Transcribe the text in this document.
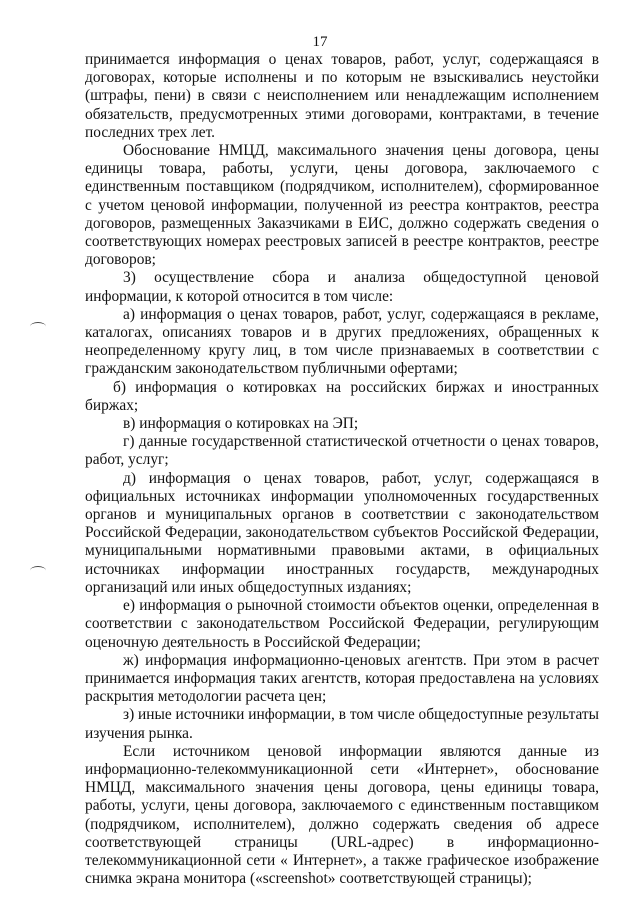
17

принимается информация о ценах товаров, работ, услуг, содержащаяся в договорах, которые исполнены и по которым не взыскивались неустойки (штрафы, пени) в связи с неисполнением или ненадлежащим исполнением обязательств, предусмотренных этими договорами, контрактами, в течение последних трех лет.

Обоснование НМЦД, максимального значения цены договора, цены единицы товара, работы, услуги, цены договора, заключаемого с единственным поставщиком (подрядчиком, исполнителем), сформированное с учетом ценовой информации, полученной из реестра контрактов, реестра договоров, размещенных Заказчиками в ЕИС, должно содержать сведения о соответствующих номерах реестровых записей в реестре контрактов, реестре договоров;

3) осуществление сбора и анализа общедоступной ценовой информации, к которой относится в том числе:

а) информация о ценах товаров, работ, услуг, содержащаяся в рекламе, каталогах, описаниях товаров и в других предложениях, обращенных к неопределенному кругу лиц, в том числе признаваемых в соответствии с гражданским законодательством публичными офертами;

б) информация о котировках на российских биржах и иностранных биржах;

в) информация о котировках на ЭП;

г) данные государственной статистической отчетности о ценах товаров, работ, услуг;

д) информация о ценах товаров, работ, услуг, содержащаяся в официальных источниках информации уполномоченных государственных органов и муниципальных органов в соответствии с законодательством Российской Федерации, законодательством субъектов Российской Федерации, муниципальными нормативными правовыми актами, в официальных источниках информации иностранных государств, международных организаций или иных общедоступных изданиях;

е) информация о рыночной стоимости объектов оценки, определенная в соответствии с законодательством Российской Федерации, регулирующим оценочную деятельность в Российской Федерации;

ж) информация информационно-ценовых агентств. При этом в расчет принимается информация таких агентств, которая предоставлена на условиях раскрытия методологии расчета цен;

з) иные источники информации, в том числе общедоступные результаты изучения рынка.

Если источником ценовой информации являются данные из информационно-телекоммуникационной сети «Интернет», обоснование НМЦД, максимального значения цены договора, цены единицы товара, работы, услуги, цены договора, заключаемого с единственным поставщиком (подрядчиком, исполнителем), должно содержать сведения об адресе соответствующей страницы (URL-адрес) в информационно-телекоммуникационной сети « Интернет», а также графическое изображение снимка экрана монитора («screenshot» соответствующей страницы);
